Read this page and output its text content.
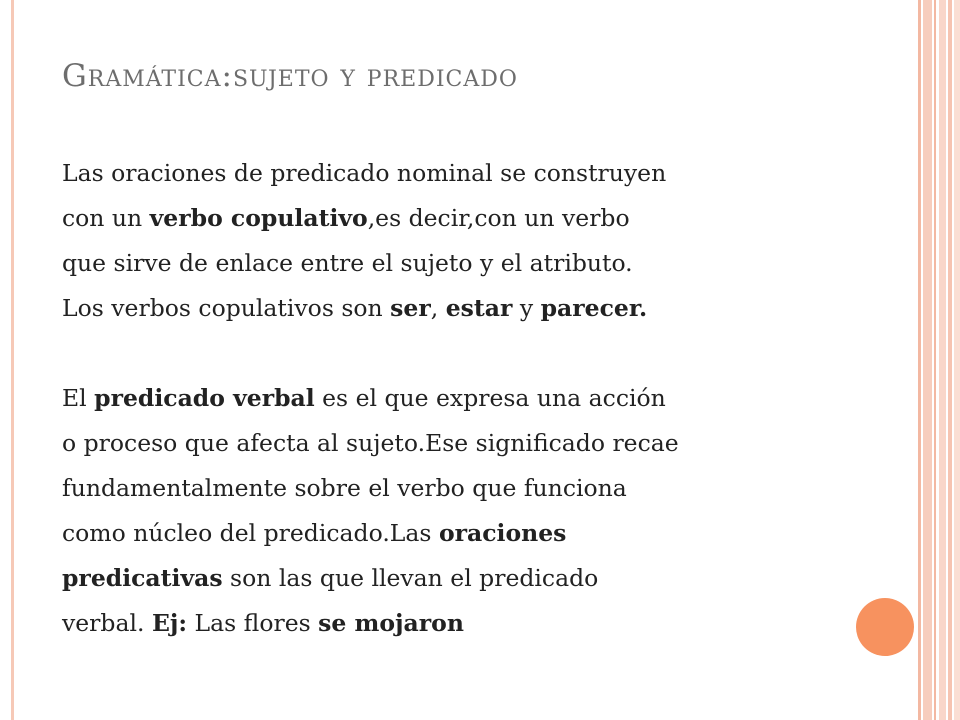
Gramática:sujeto y predicado
Las oraciones de predicado nominal se construyen
con un verbo copulativo,es decir,con un verbo
que sirve de enlace entre el sujeto y el atributo.
Los verbos copulativos son ser, estar y parecer.
El predicado verbal es el que expresa una acción
o proceso que afecta al sujeto.Ese significado recae
fundamentalmente sobre el verbo que funciona
como núcleo del predicado.Las oraciones
predicativas son las que llevan el predicado
verbal. Ej: Las flores se mojaron
